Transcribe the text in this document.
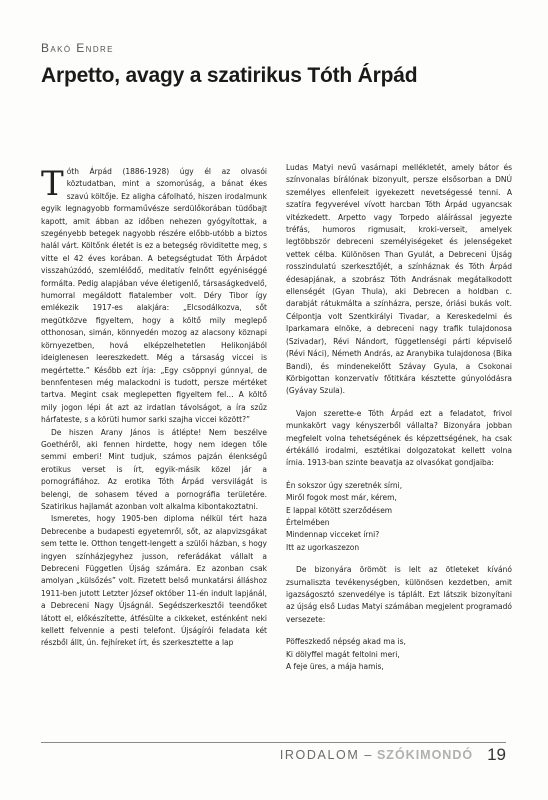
Bakó Endre
Arpetto, avagy a szatirikus Tóth Árpád

Tóth Árpád (1886-1928) úgy él az olvasói köztudatban, mint a szomorúság, a bánat ékes szavú költője. Ez aligha cáfolható, hiszen irodalmunk egyik legnagyobb formaművésze serdülőkorában tüdőbajt kapott, amit ábban az időben nehezen gyógyítottak, a szegényebb betegek nagyobb részére előbb-utóbb a biztos halál várt. Költőnk életét is ez a betegség röviditette meg, s vitte el 42 éves korában. A betegségtudat Tóth Árpádot visszahúzódó, szemlélődő, meditatív felnőtt egyéniséggé formálta. Pedig alapjában véve életigenlő, társaságkedvelő, humorral megáldott fiatalember volt. Déry Tibor így emlékezik 1917-es alakjára: „Elcsodálkozva, sőt megütközve figyeltem, hogy a költő mily meglepő otthonosan, simán, könnyedén mozog az alacsony köznapi környezetben, hová elképzelhetetlen Helikonjából ideiglenesen leereszkedett. Még a társaság viccei is megértette.” Később ezt írja: „Egy csöppnyi gúnnyal, de bennfentesen még malackodni is tudott, persze mértéket tartva. Megint csak meglepetten figyeltem fel… A költő mily jogon lépi át azt az irdatlan távolságot, a íra szűz hárfateste, s a körüti humor sarki szajha viccei között?”

De hiszen Arany János is átlépte! Nem beszélve Goethéről, aki fennen hirdette, hogy nem idegen tőle semmi emberi! Mint tudjuk, számos pajzán élenkségű erotikus verset is írt, egyik-másik közel jár a pornográfiához. Az erotika Tóth Árpád versvilágát is belengi, de sohasem téved a pornográfia területére. Szatirikus hajlamát azonban volt alkalma kibontakoztatni.

Ismeretes, hogy 1905-ben diploma nélkül tért haza Debrecenbe a budapesti egyetemről, sőt, az alapvizsgákat sem tette le. Otthon tengett-lengett a szülői házban, s hogy ingyen színházjegyhez jusson, referádákat vállalt a Debreceni Független Újság számára. Ez azonban csak amolyan „külsőzés” volt. Fizetett belső munkatársi álláshoz 1911-ben jutott Letzter József október 11-én indult lapjánál, a Debreceni Nagy Újságnál. Segédszerkesztői teendőket látott el, előkészítette, átfésülte a cikkeket, esténként neki kellett felvennie a pesti telefont. Újságírói feladata két részből állt, ún. fejhíreket írt, és szerkesztette a lap

Ludas Matyi nevű vasárnapi mellékletét, amely bátor és színvonalas bírálónak bizonyult, persze elsősorban a DNÚ személyes ellenfeleit igyekezett nevetségessé tenni. A szatíra fegyverével vívott harcban Tóth Árpád ugyancsak vitézkedett. Arpetto vagy Torpedo aláírással jegyezte tréfás, humoros rigmusait, kroki-verseit, amelyek legtöbbször debreceni személyiségeket és jelenségeket vettek célba. Különösen Than Gyulát, a Debreceni Újság rosszindulatú szerkesztőjét, a színháznak és Tóth Árpád édesapjának, a szobrász Tóth Andrásnak megátalkodott ellenségét (Gyan Thula), aki Debrecen a holdban c. darabját rátukmálta a színházra, persze, óriási bukás volt. Célpontja volt Szentkirályi Tivadar, a Kereskedelmi és Iparkamara elnöke, a debreceni nagy trafik tulajdonosa (Szivadar), Révi Nándort, függetlenségi párti képviselő (Révi Náci), Németh András, az Aranybika tulajdonosa (Bika Bandi), és mindenekelőtt Szávay Gyula, a Csokonai Körbigottan konzervatív főtitkára késztette gúnyolódásra (Gyávay Szula).

Vajon szerette-e Tóth Árpád ezt a feladatot, frivol munkakört vagy kényszerből vállalta? Bizonyára jobban megfelelt volna tehetségének és képzettségének, ha csak értékálló irodalmi, esztétikai dolgozatokat kellett volna írnia. 1913-ban szinte beavatja az olvasókat gondjaiba:

Én sokszor úgy szeretnék sírni,
Miről fogok most már, kérem,
E lappal kötött szerződésem
Értelmében
Mindennap vicceket írni?
Itt az ugorkaszezon

De bizonyára örömöt is lelt az ötleteket kívánó zsurnaliszta tevékenységben, különösen kezdetben, amit igazságosztó szenvedélye is táplált. Ezt látszik bizonyítani az újság első Ludas Matyi számában megjelent programadó versezete:

Pöffeszkedő népség akad ma is,
Ki dölyffel magát feltolni meri,
A feje üres, a mája hamis,
IRODALOM – SZÓKIMONDÓ 19
